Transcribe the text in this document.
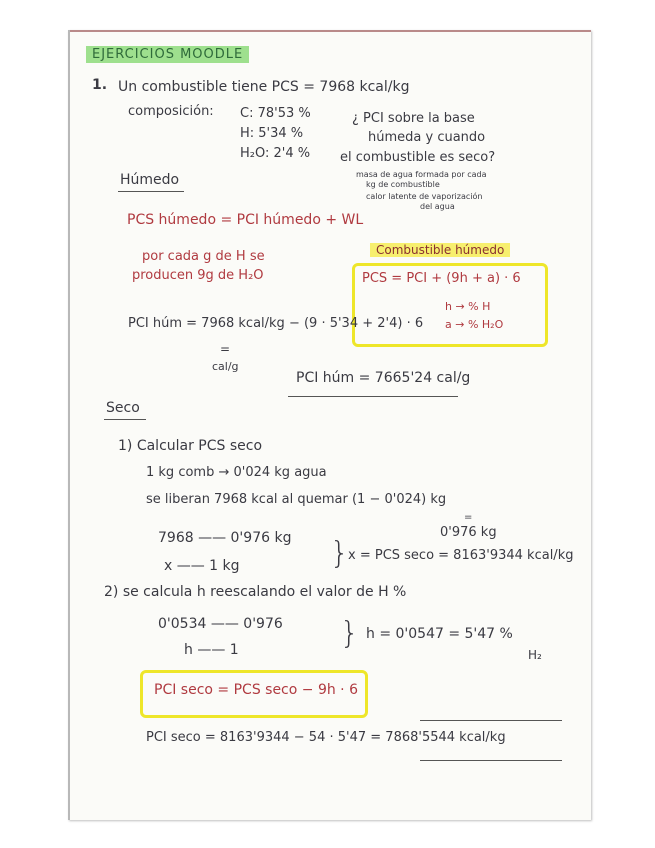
EJERCICIOS MOODLE
1. Un combustible tiene PCS = 7968 kcal/kg
composición: C: 78'53 %
H: 5'34 %
H₂O: 2'4 %
¿ PCI sobre la base
húmeda y cuando
el combustible es seco?
Húmedo	masa de agua formada por cada
kg de combustible
calor latente de vaporización
del agua
PCS húmedo = PCI húmedo + WL
Combustible húmedo
PCS = PCI + (9h + a) · 6
h → % H
a → % H₂O
por cada g de H se
producen 9g de H₂O
PCI húm = 7968 kcal/kg − (9 · 5'34 + 2'4) · 6
=
cal/g
PCI húm = 7665'24 cal/g
Seco
1) Calcular PCS seco
1 kg comb → 0'024 kg agua
se liberan 7968 kcal al quemar (1 − 0'024) kg
=
0'976 kg
7968 —— 0'976 kg
x —— 1 kg	}
x = PCS seco = 8163'9344 kcal/kg
2) se calcula h reescalando el valor de H %
0'0534 —— 0'976
h —— 1	} h = 0'0547 = 5'47 %
H₂
PCI seco = PCS seco − 9h · 6
PCI seco = 8163'9344 − 54 · 5'47 = 7868'5544 kcal/kg
